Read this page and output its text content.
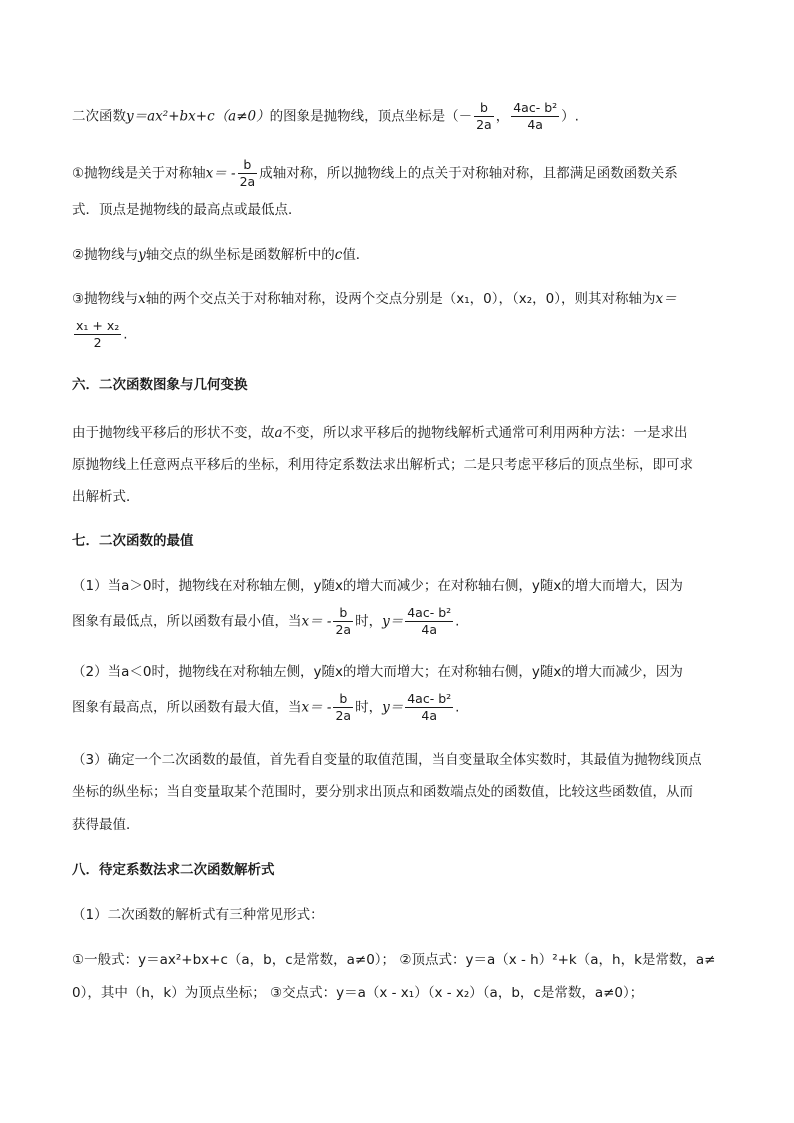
二次函数y＝ax²+bx+c（a≠0）的图象是抛物线，顶点坐标是（－ $\frac{b}{2a}$ ， $\frac{\text{4ac- b²}}{4a}$ ）.
①抛物线是关于对称轴$x= - \frac{b}{2a}$ 成轴对称，所以抛物线上的点关于对称轴对称，且都满足函数函数关系
式．顶点是抛物线的最高点或最低点．
②抛物线与y轴交点的纵坐标是函数解析中的c值．
③抛物线与x轴的两个交点关于对称轴对称，设两个交点分别是（x₁，0），（x₂，0），则其对称轴为x＝
$\frac{\text{x₁ + x₂}}{2}$ .
六．二次函数图象与几何变换
由于抛物线平移后的形状不变，故a不变，所以求平移后的抛物线解析式通常可利用两种方法：一是求出
原抛物线上任意两点平移后的坐标，利用待定系数法求出解析式；二是只考虑平移后的顶点坐标，即可求
出解析式．
七．二次函数的最值
（1）当a＞0时，抛物线在对称轴左侧，y随x的增大而减少；在对称轴右侧，y随x的增大而增大，因为
图象有最低点，所以函数有最小值，当$x= - \frac{b}{2a}$ 时，$y= \frac{\text{4ac- b²}}{4a}$ .
（2）当a＜0时，抛物线在对称轴左侧，y随x的增大而增大；在对称轴右侧，y随x的增大而减少，因为
图象有最高点，所以函数有最大值，当$x= - \frac{b}{2a}$ 时，$y= \frac{\text{4ac- b²}}{4a}$ .
（3）确定一个二次函数的最值，首先看自变量的取值范围，当自变量取全体实数时，其最值为抛物线顶点
坐标的纵坐标；当自变量取某个范围时，要分别求出顶点和函数端点处的函数值，比较这些函数值，从而
获得最值．
八．待定系数法求二次函数解析式
（1）二次函数的解析式有三种常见形式：
①一般式：y＝ax²+bx+c（a，b，c是常数，a≠0）； ②顶点式：y＝a（x - h）²+k（a，h，k是常数，a≠
0），其中（h，k）为顶点坐标； ③交点式：y＝a（x - x₁）（x - x₂）（a，b，c是常数，a≠0）；
